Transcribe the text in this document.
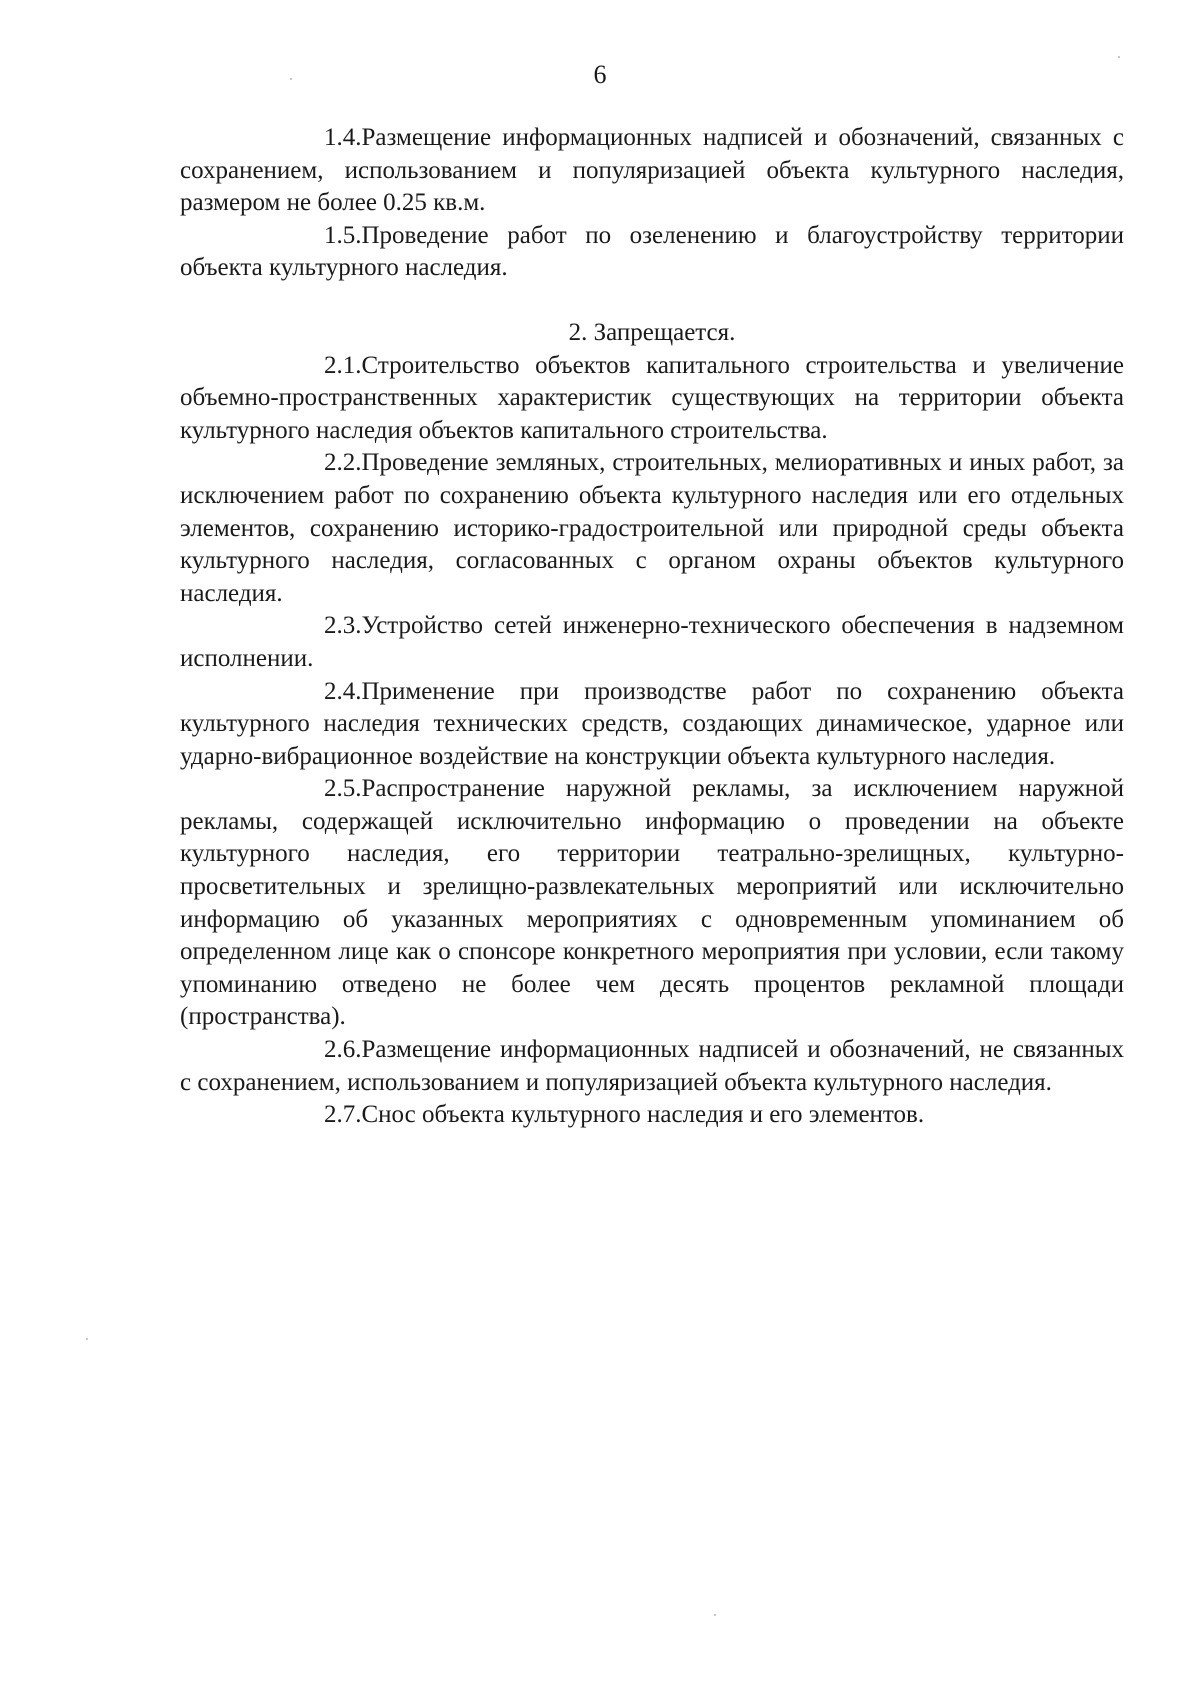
6

1.4.Размещение информационных надписей и обозначений, связанных с сохранением, использованием и популяризацией объекта культурного наследия, размером не более 0.25 кв.м.

1.5.Проведение работ по озеленению и благоустройству территории объекта культурного наследия.

2. Запрещается.

2.1.Строительство объектов капитального строительства и увеличение объемно-пространственных характеристик существующих на территории объекта культурного наследия объектов капитального строительства.

2.2.Проведение земляных, строительных, мелиоративных и иных работ, за исключением работ по сохранению объекта культурного наследия или его отдельных элементов, сохранению историко-градостроительной или природной среды объекта культурного наследия, согласованных с органом охраны объектов культурного наследия.

2.3.Устройство сетей инженерно-технического обеспечения в надземном исполнении.

2.4.Применение при производстве работ по сохранению объекта культурного наследия технических средств, создающих динамическое, ударное или ударно-вибрационное воздействие на конструкции объекта культурного наследия.

2.5.Распространение наружной рекламы, за исключением наружной рекламы, содержащей исключительно информацию о проведении на объекте культурного наследия, его территории театрально-зрелищных, культурно-просветительных и зрелищно-развлекательных мероприятий или исключительно информацию об указанных мероприятиях с одновременным упоминанием об определенном лице как о спонсоре конкретного мероприятия при условии, если такому упоминанию отведено не более чем десять процентов рекламной площади (пространства).

2.6.Размещение информационных надписей и обозначений, не связанных с сохранением, использованием и популяризацией объекта культурного наследия.

2.7.Снос объекта культурного наследия и его элементов.
